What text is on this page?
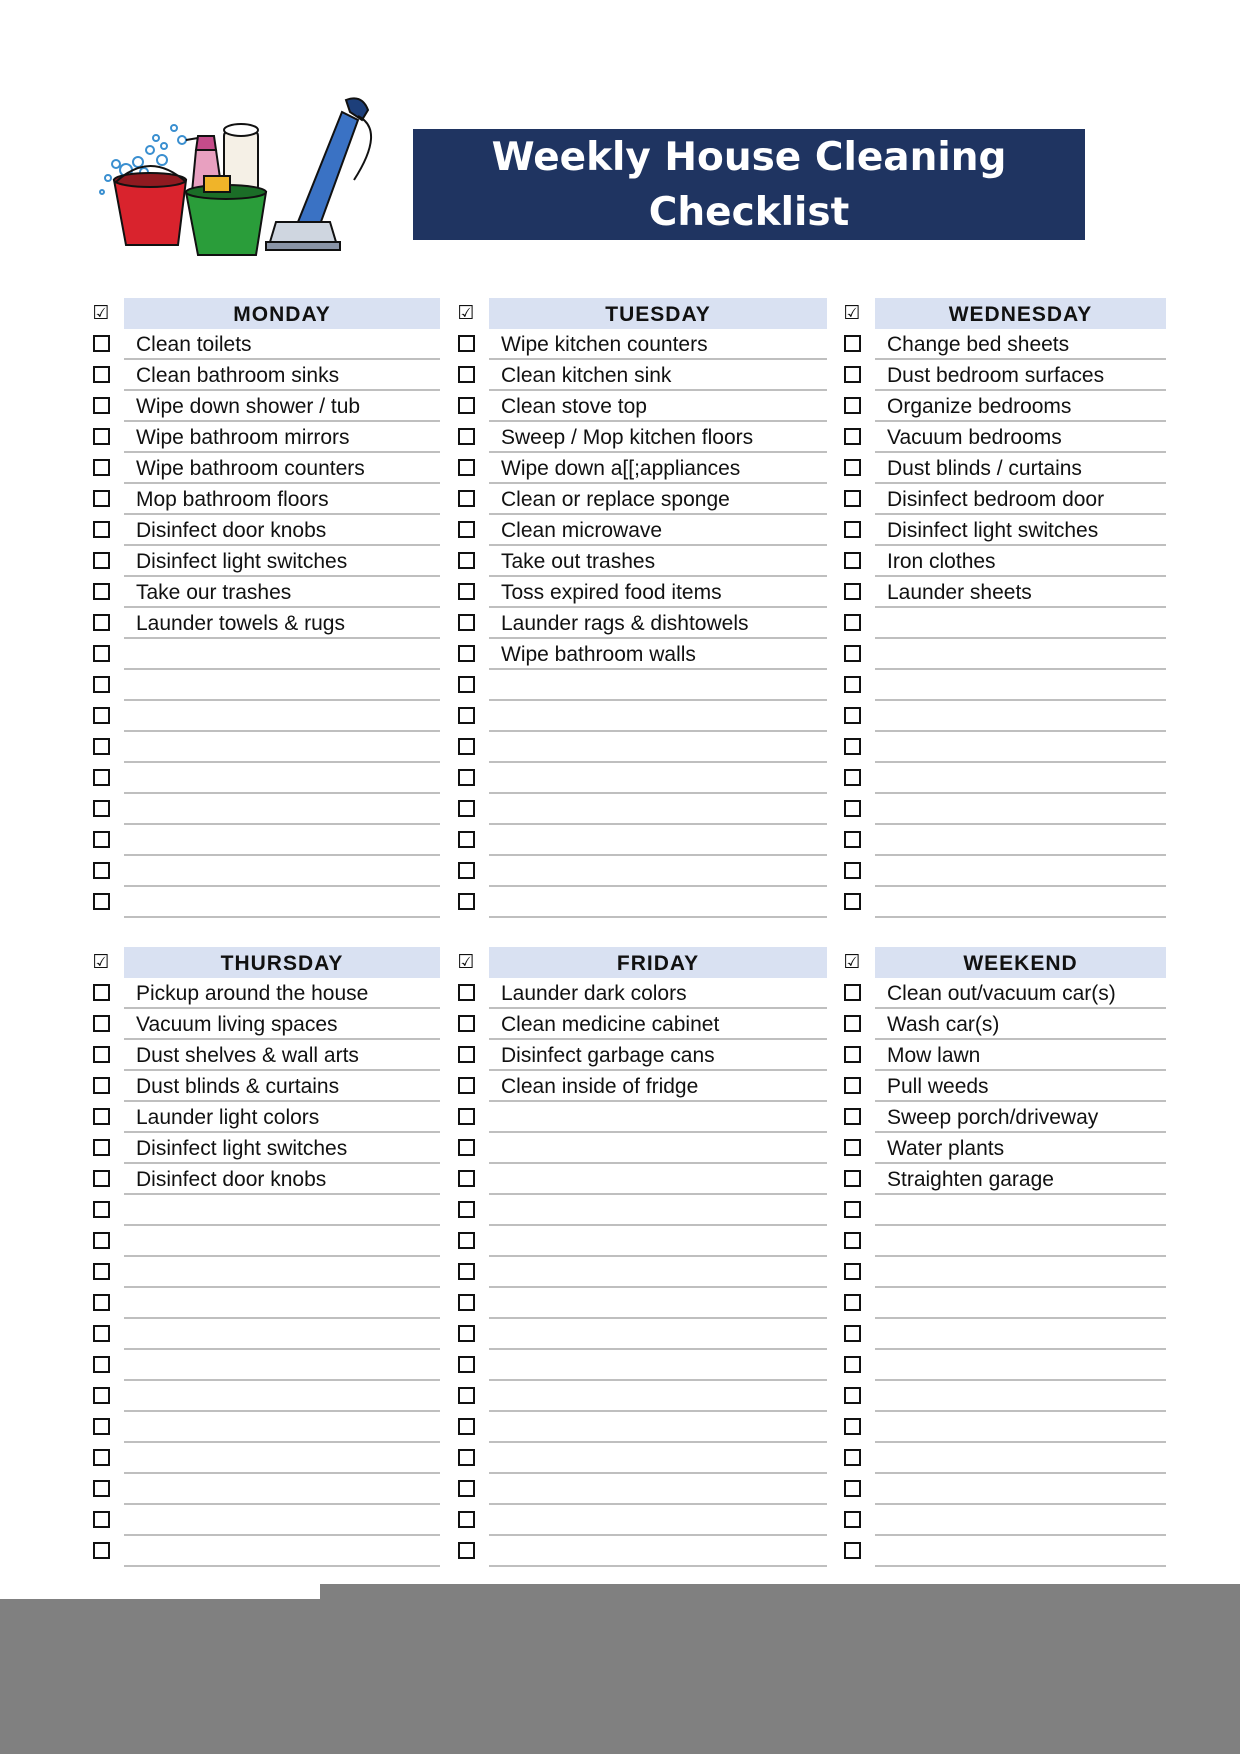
Weekly House Cleaning
Checklist
☑	MONDAY
Clean toilets
Clean bathroom sinks
Wipe down shower / tub
Wipe bathroom mirrors
Wipe bathroom counters
Mop bathroom floors
Disinfect door knobs
Disinfect light switches
Take our trashes
Launder towels & rugs
☑	TUESDAY
Wipe kitchen counters
Clean kitchen sink
Clean stove top
Sweep / Mop kitchen floors
Wipe down a[[;appliances
Clean or replace sponge
Clean microwave
Take out trashes
Toss expired food items
Launder rags & dishtowels
Wipe bathroom walls
☑	WEDNESDAY
Change bed sheets
Dust bedroom surfaces
Organize bedrooms
Vacuum bedrooms
Dust blinds / curtains
Disinfect bedroom door
Disinfect light switches
Iron clothes
Launder sheets
☑	THURSDAY
Pickup around the house
Vacuum living spaces
Dust shelves & wall arts
Dust blinds & curtains
Launder light colors
Disinfect light switches
Disinfect door knobs
☑	FRIDAY
Launder dark colors
Clean medicine cabinet
Disinfect garbage cans
Clean inside of fridge
☑	WEEKEND
Clean out/vacuum car(s)
Wash car(s)
Mow lawn
Pull weeds
Sweep porch/driveway
Water plants
Straighten garage
